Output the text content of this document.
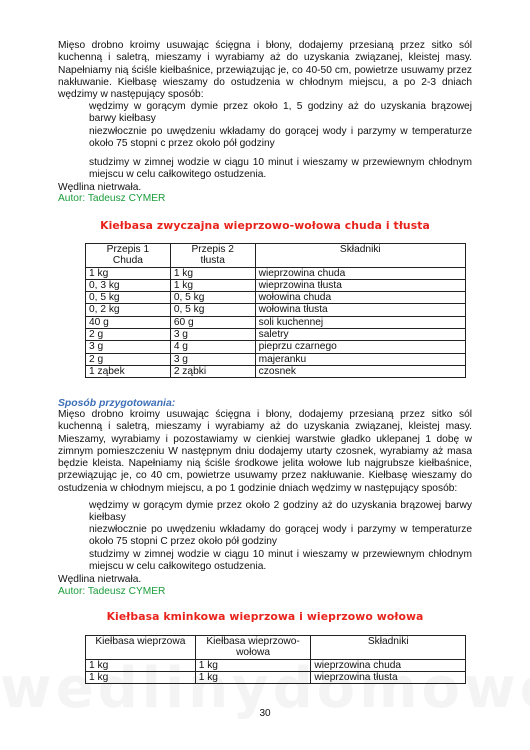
Mięso drobno kroimy usuwając ścięgna i błony, dodajemy przesianą przez sitko sól kuchenną i saletrą, mieszamy i wyrabiamy aż do uzyskania związanej, kleistej masy. Napełniamy nią ściśle kiełbaśnice, przewiązując je, co 40-50 cm, powietrze usuwamy przez nakłuwanie. Kiełbasę wieszamy do ostudzenia w chłodnym miejscu, a po 2-3 dniach wędzimy w następujący sposób:

wędzimy w gorącym dymie przez około 1, 5 godziny aż do uzyskania brązowej barwy kiełbasy

niezwłocznie po uwędzeniu wkładamy do gorącej wody i parzymy w temperaturze około 75 stopni c przez około pół godziny

studzimy w zimnej wodzie w ciągu 10 minut i wieszamy w przewiewnym chłodnym miejscu w celu całkowitego ostudzenia.

Wędlina nietrwała.

Autor: Tadeusz CYMER

Kiełbasa zwyczajna wieprzowo-wołowa chuda i tłusta

Przepis 1	Przepis 2	Składniki
Chuda	tłusta	
1 kg	1 kg	wieprzowina chuda
0, 3 kg	1 kg	wieprzowina tłusta
0, 5 kg	0, 5 kg	wołowina chuda
0, 2 kg	0, 5 kg	wołowina tłusta
40 g	60 g	soli kuchennej
2 g	3 g	saletry
3 g	4 g	pieprzu czarnego
2 g	3 g	majeranku
1 ząbek	2 ząbki	czosnek

Sposób przygotowania:

Mięso drobno kroimy usuwając ścięgna i błony, dodajemy przesianą przez sitko sól kuchenną i saletrą, mieszamy i wyrabiamy aż do uzyskania związanej, kleistej masy. Mieszamy, wyrabiamy i pozostawiamy w cienkiej warstwie gładko uklepanej 1 dobę w zimnym pomieszczeniu W następnym dniu dodajemy utarty czosnek, wyrabiamy aż masa będzie kleista. Napełniamy nią ściśle środkowe jelita wołowe lub najgrubsze kiełbaśnice, przewiązując je, co 40 cm, powietrze usuwamy przez nakłuwanie. Kiełbasę wieszamy do ostudzenia w chłodnym miejscu, a po 1 godzinie dniach wędzimy w następujący sposób:

wędzimy w gorącym dymie przez około 2 godziny aż do uzyskania brązowej barwy kiełbasy

niezwłocznie po uwędzeniu wkładamy do gorącej wody i parzymy w temperaturze około 75 stopni C przez około pół godziny

studzimy w zimnej wodzie w ciągu 10 minut i wieszamy w przewiewnym chłodnym miejscu w celu całkowitego ostudzenia.

Wędlina nietrwała.

Autor: Tadeusz CYMER

Kiełbasa kminkowa wieprzowa i wieprzowo wołowa

Kiełbasa wieprzowa	Kiełbasa wieprzowo-wołowa	Składniki
1 kg	1 kg	wieprzowina chuda
1 kg	1 kg	wieprzowina tłusta

30
